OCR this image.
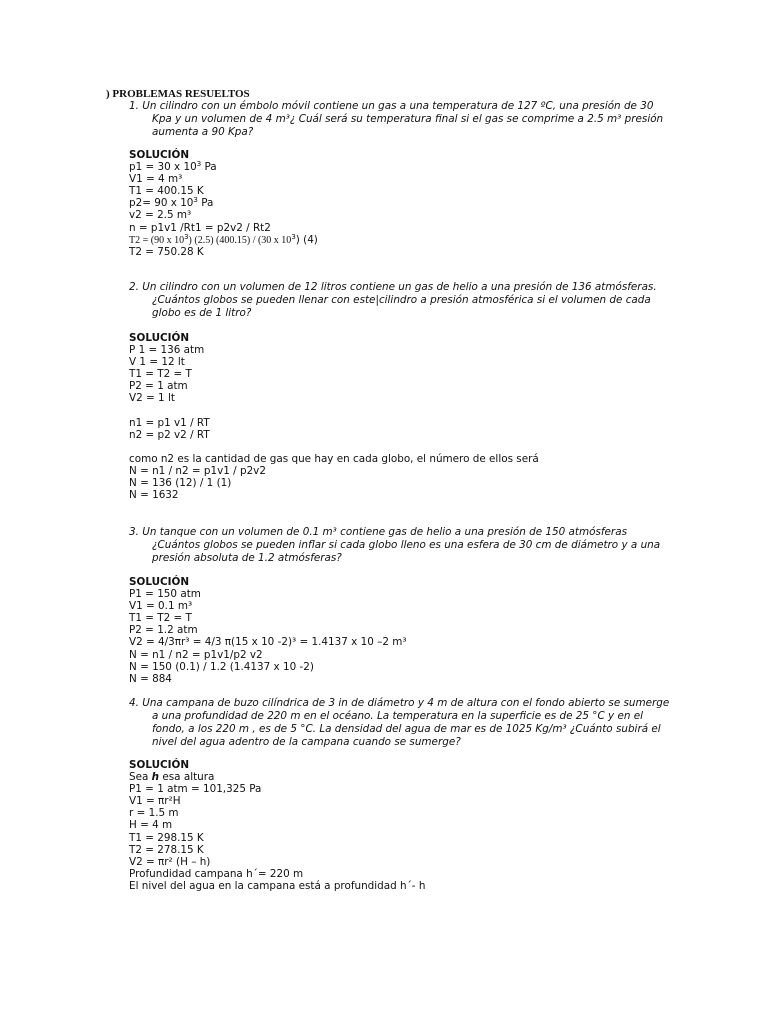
) PROBLEMAS RESUELTOS
1. Un cilindro con un émbolo móvil contiene un gas a una temperatura de 127 ºC, una presión de 30
Kpa y un volumen de 4 m³¿ Cuál será su temperatura final si el gas se comprime a 2.5 m³ presión
aumenta a 90 Kpa?
SOLUCIÓN
p1 = 30 x $10^3$ Pa
V1 = 4 m³
T1 = 400.15 K
p2= 90 x $10^3$ Pa
v2 = 2.5 m³
n = p1v1 /Rt1 = p2v2 / Rt2
T2 = (90 x $10^3$) (2.5) (400.15) / (30 x $10^3$) (4)
T2 = 750.28 K
2. Un cilindro con un volumen de 12 litros contiene un gas de helio a una presión de 136 atmósferas.
¿Cuántos globos se pueden llenar con este|cilindro a presión atmosférica si el volumen de cada
globo es de 1 litro?
SOLUCIÓN
P 1 = 136 atm
V 1 = 12 lt
T1 = T2 = T
P2 = 1 atm
V2 = 1 lt
n1 = p1 v1 / RT
n2 = p2 v2 / RT
como n2 es la cantidad de gas que hay en cada globo, el número de ellos será
N = n1 / n2 = p1v1 / p2v2
N = 136 (12) / 1 (1)
N = 1632
3. Un tanque con un volumen de 0.1 m³ contiene gas de helio a una presión de 150 atmósferas
¿Cuántos globos se pueden inflar si cada globo lleno es una esfera de 30 cm de diámetro y a una
presión absoluta de 1.2 atmósferas?
SOLUCIÓN
P1 = 150 atm
V1 = 0.1 m³
T1 = T2 = T
P2 = 1.2 atm
V2 = 4/3πr³ = 4/3 π(15 x 10 -2)³ = 1.4137 x 10 –2 m³
N = n1 / n2 = p1v1/p2 v2
N = 150 (0.1) / 1.2 (1.4137 x 10 -2)
N = 884
4. Una campana de buzo cilíndrica de 3 in de diámetro y 4 m de altura con el fondo abierto se sumerge
a una profundidad de 220 m en el océano. La temperatura en la superficie es de 25 °C y en el
fondo, a los 220 m , es de 5 °C. La densidad del agua de mar es de 1025 Kg/m³ ¿Cuánto subirá el
nivel del agua adentro de la campana cuando se sumerge?
SOLUCIÓN
Sea h esa altura
P1 = 1 atm = 101,325 Pa
V1 = πr²H
r = 1.5 m
H = 4 m
T1 = 298.15 K
T2 = 278.15 K
V2 = πr² (H – h)
Profundidad campana h´= 220 m
El nivel del agua en la campana está a profundidad h´- h
